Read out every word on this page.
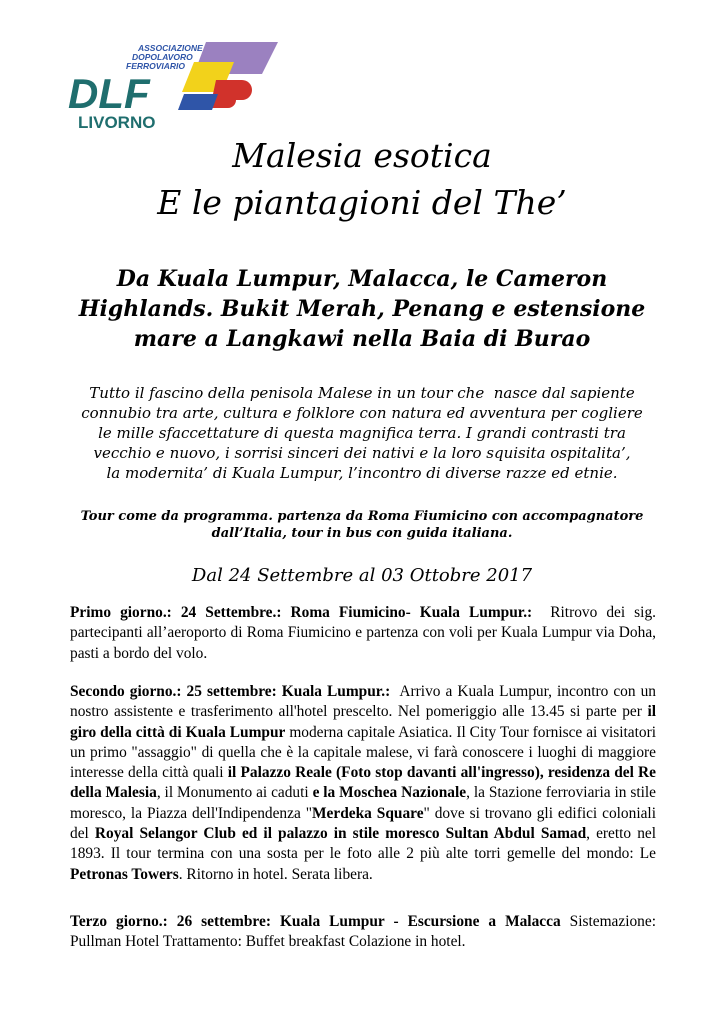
ASSOCIAZIONE
DOPOLAVORO
FERROVIARIO
DLF
LIVORNO
Malesia esotica
E le piantagioni del The’
Da Kuala Lumpur, Malacca, le Cameron
Highlands. Bukit Merah, Penang e estensione
mare a Langkawi nella Baia di Burao
Tutto il fascino della penisola Malese in un tour che  nasce dal sapiente
connubio tra arte, cultura e folklore con natura ed avventura per cogliere
le mille sfaccettature di questa magnifica terra. I grandi contrasti tra
vecchio e nuovo, i sorrisi sinceri dei nativi e la loro squisita ospitalita’,
la modernita’ di Kuala Lumpur, l’incontro di diverse razze ed etnie.
Tour come da programma. partenza da Roma Fiumicino con accompagnatore
dall’Italia, tour in bus con guida italiana.
Dal 24 Settembre al 03 Ottobre 2017
Primo giorno.: 24 Settembre.: Roma Fiumicino- Kuala Lumpur.:  Ritrovo dei sig. partecipanti all’aeroporto di Roma Fiumicino e partenza con voli per Kuala Lumpur via Doha, pasti a bordo del volo.
Secondo giorno.: 25 settembre: Kuala Lumpur.:  Arrivo a Kuala Lumpur, incontro con un nostro assistente e trasferimento all'hotel prescelto. Nel pomeriggio alle 13.45 si parte per il giro della città di Kuala Lumpur moderna capitale Asiatica. Il City Tour fornisce ai visitatori un primo "assaggio" di quella che è la capitale malese, vi farà conoscere i luoghi di maggiore interesse della città quali il Palazzo Reale (Foto stop davanti all'ingresso), residenza del Re della Malesia, il Monumento ai caduti e la Moschea Nazionale, la Stazione ferroviaria in stile moresco, la Piazza dell'Indipendenza "Merdeka Square" dove si trovano gli edifici coloniali del Royal Selangor Club ed il palazzo in stile moresco Sultan Abdul Samad, eretto nel 1893. Il tour termina con una sosta per le foto alle 2 più alte torri gemelle del mondo: Le Petronas Towers. Ritorno in hotel. Serata libera.
Terzo giorno.: 26 settembre: Kuala Lumpur - Escursione a Malacca Sistemazione: Pullman Hotel Trattamento: Buffet breakfast Colazione in hotel.
